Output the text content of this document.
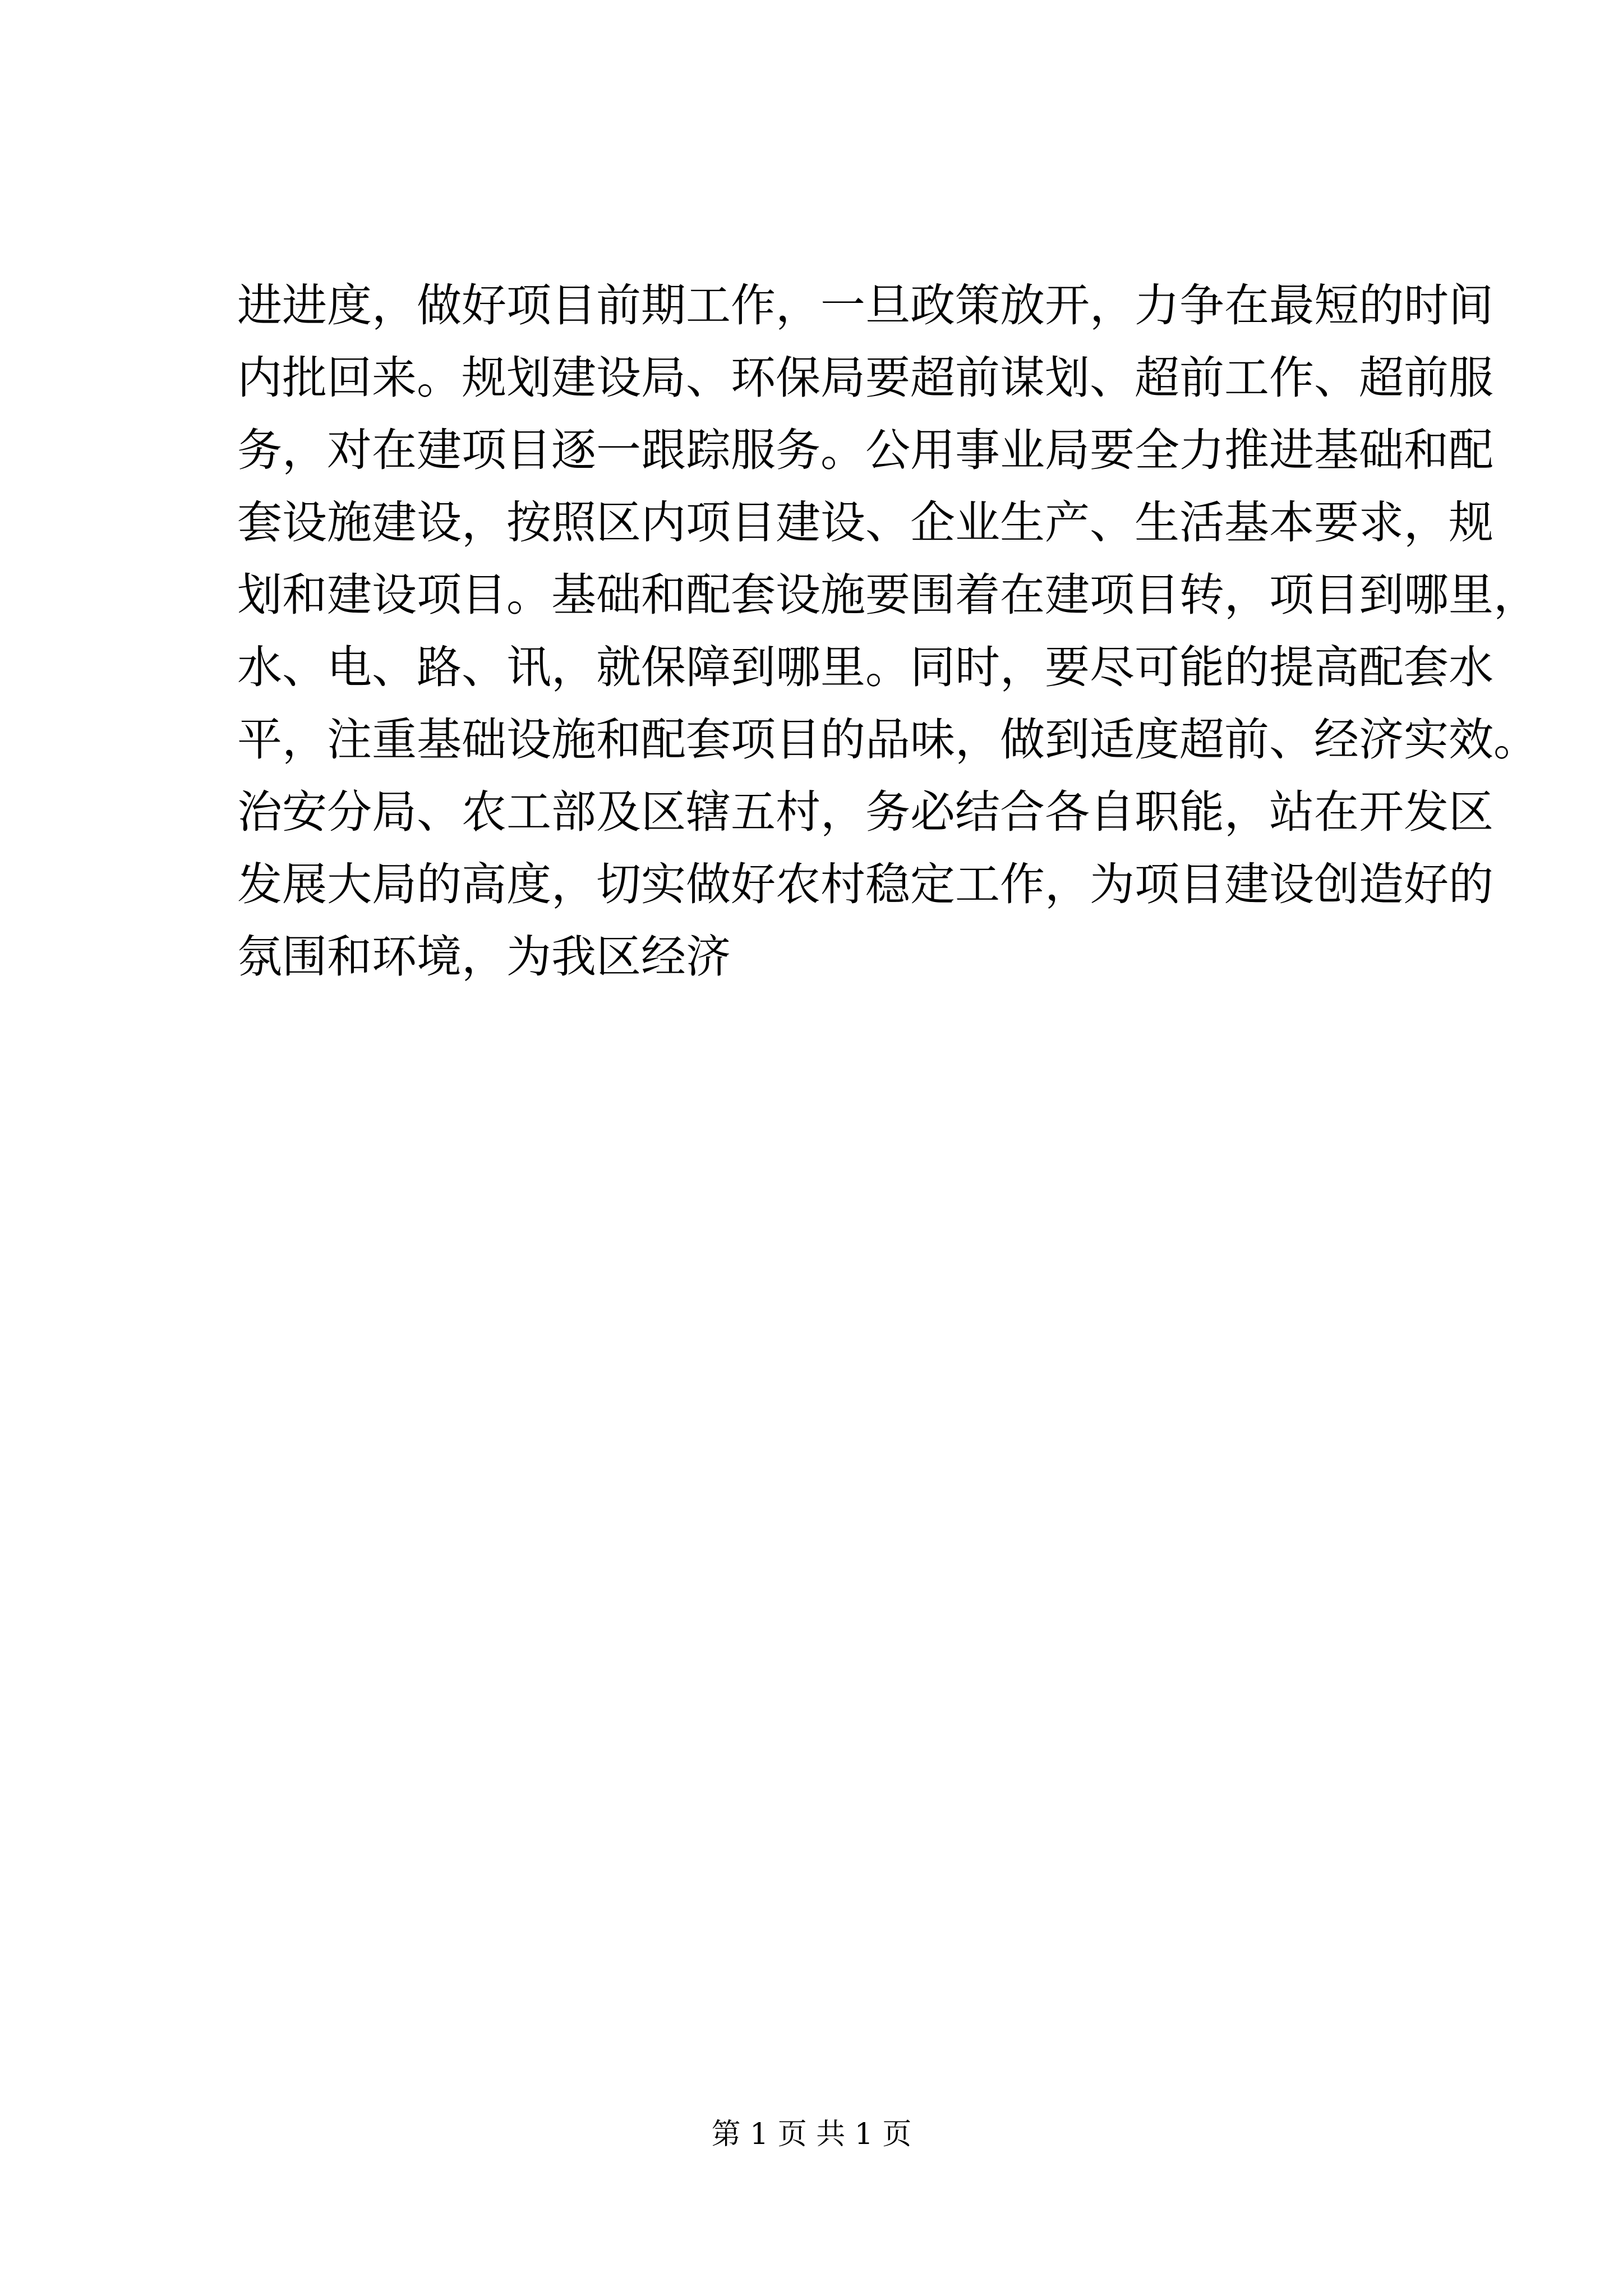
进进度，做好项目前期工作，一旦政策放开，力争在最短的时间
内批回来。规划建设局、环保局要超前谋划、超前工作、超前服
务，对在建项目逐一跟踪服务。公用事业局要全力推进基础和配
套设施建设，按照区内项目建设、企业生产、生活基本要求，规
划和建设项目。基础和配套设施要围着在建项目转，项目到哪里，
水、电、路、讯，就保障到哪里。同时，要尽可能的提高配套水
平，注重基础设施和配套项目的品味，做到适度超前、经济实效。
治安分局、农工部及区辖五村，务必结合各自职能，站在开发区
发展大局的高度，切实做好农村稳定工作，为项目建设创造好的
氛围和环境，为我区经济
第 1 页 共 1 页
